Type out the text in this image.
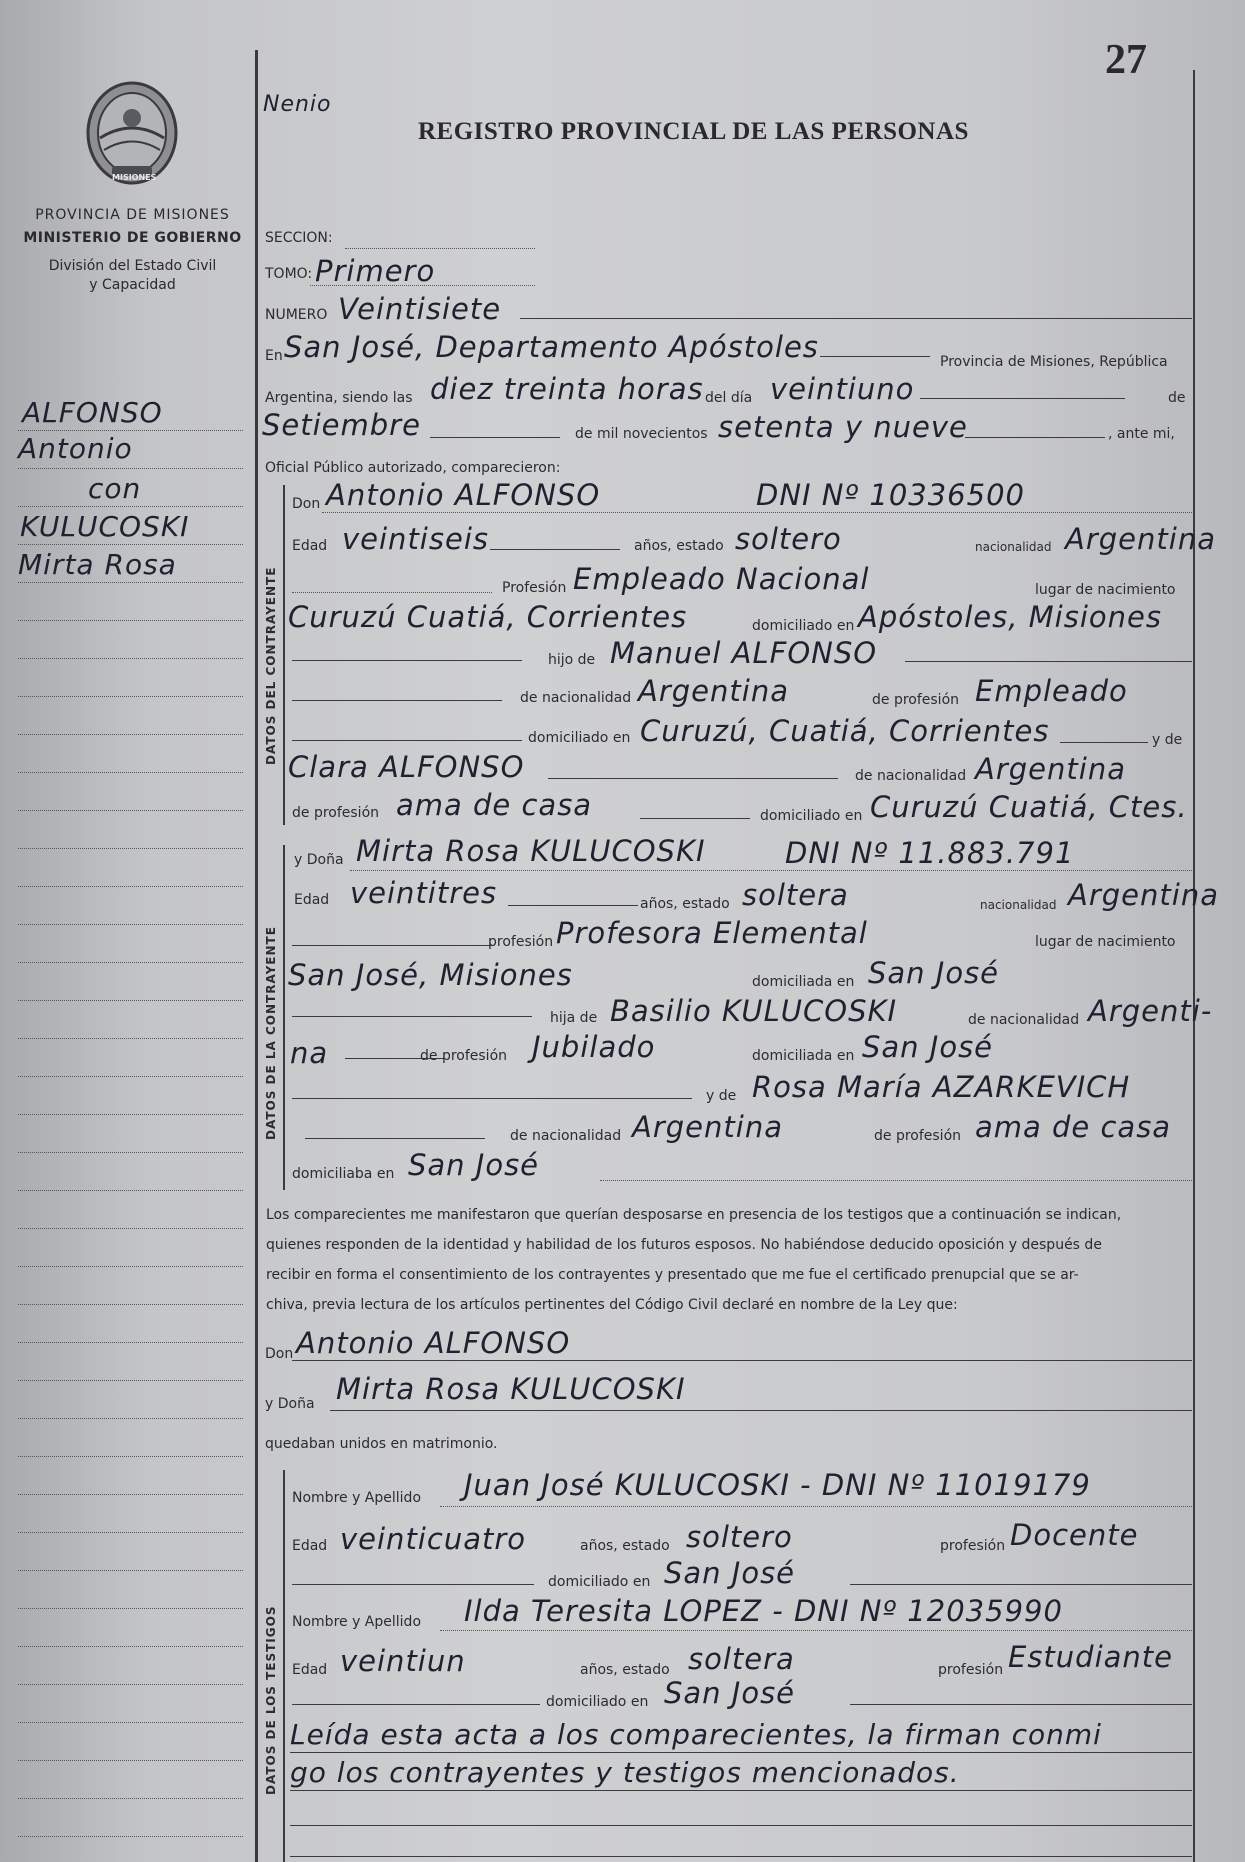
27
Nenio
REGISTRO PROVINCIAL DE LAS PERSONAS
MISIONES
PROVINCIA DE MISIONES
MINISTERIO DE GOBIERNO
División del Estado Civil
y Capacidad
ALFONSO
Antonio
con
KULUCOSKI
Mirta Rosa
SECCION:
TOMO: Primero
NUMERO Veintisiete
En San José, Departamento Apóstoles	Provincia de Misiones, República
Argentina, siendo las diez treinta horas del día veintiuno	de
Setiembre	de mil novecientos setenta y nueve	, ante mi,
Oficial Público autorizado, comparecieron:
DATOS DEL CONTRAYENTE
Don Antonio ALFONSO	DNI Nº 10336500
Edad veintiseis	años, estado soltero	nacionalidad Argentina
Profesión Empleado Nacional	lugar de nacimiento
Curuzú Cuatiá, Corrientes	domiciliado en Apóstoles, Misiones
hijo de Manuel ALFONSO
de nacionalidad Argentina	de profesión Empleado
domiciliado en Curuzú, Cuatiá, Corrientes	y de
Clara ALFONSO	de nacionalidad Argentina
de profesión ama de casa	domiciliado en Curuzú Cuatiá, Ctes.
DATOS DE LA CONTRAYENTE
y Doña Mirta Rosa KULUCOSKI	DNI Nº 11.883.791
Edad veintitres	años, estado soltera	nacionalidad Argentina
profesión Profesora Elemental	lugar de nacimiento
San José, Misiones	domiciliada en San José
hija de Basilio KULUCOSKI	de nacionalidad Argenti-
na	de profesión Jubilado	domiciliada en San José
y de Rosa María AZARKEVICH
de nacionalidad Argentina	de profesión ama de casa
domiciliaba en San José
Los comparecientes me manifestaron que querían desposarse en presencia de los testigos que a continuación se indican,
quienes responden de la identidad y habilidad de los futuros esposos. No habiéndose deducido oposición y después de
recibir en forma el consentimiento de los contrayentes y presentado que me fue el certificado prenupcial que se ar-
chiva, previa lectura de los artículos pertinentes del Código Civil declaré en nombre de la Ley que:
Don Antonio ALFONSO
y Doña Mirta Rosa KULUCOSKI
quedaban unidos en matrimonio.
DATOS DE LOS TESTIGOS
Nombre y Apellido Juan José KULUCOSKI - DNI Nº 11019179
Edad veinticuatro	años, estado soltero	profesión Docente
domiciliado en San José
Nombre y Apellido Ilda Teresita LOPEZ - DNI Nº 12035990
Edad veintiun	años, estado soltera	profesión Estudiante
domiciliado en San José
Leída esta acta a los comparecientes, la firman conmi
go los contrayentes y testigos mencionados.
